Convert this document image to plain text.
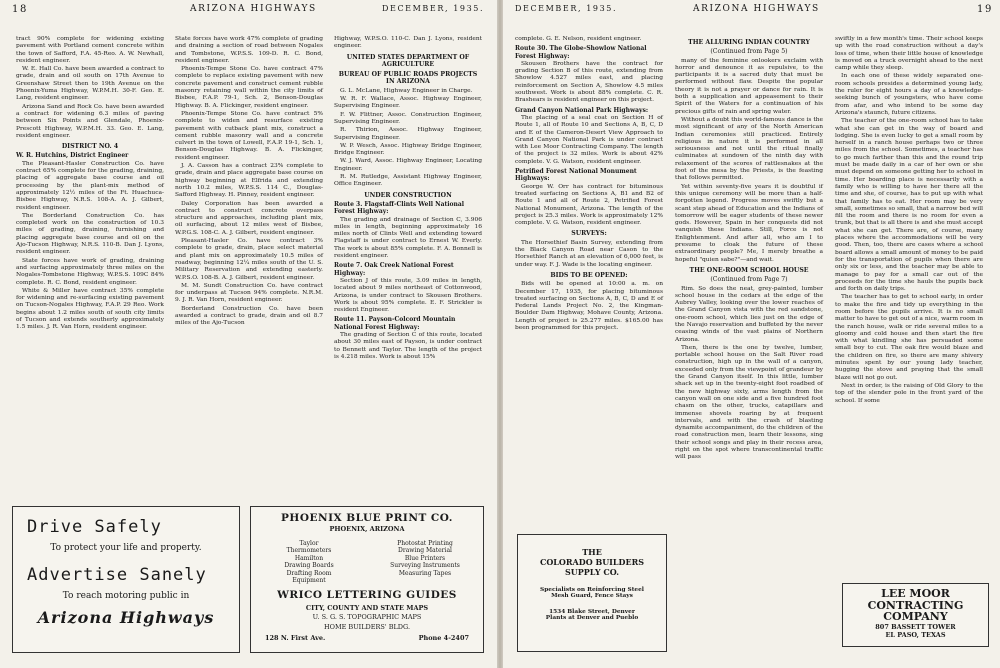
18	ARIZONA HIGHWAYS	DECEMBER, 1935.

tract 90% complete for widening existing pavement with Portland cement concrete within the town of Safford, F.A. 45-Reo. A. W. Newhall, resident engineer.

W. E. Hall Co. have been awarded a contract to grade, drain and oil south on 17th Avenue to Greenshaw Street then to 19th Avenue on the Phoenix-Yuma Highway, W.P.M.H. 30-F. Geo. E. Lang, resident engineer.

Arizona Sand and Rock Co. have been awarded a contract for widening 6.3 miles of paving between Six Points and Glendale, Phoenix-Prescott Highway, W.P.M.H. 33. Geo. E. Lang, resident engineer.

DISTRICT NO. 4
W. R. Hutchins, District Engineer

The Pleasant-Hasler Construction Co. have contract 65% complete for the grading, draining, placing of aggregate base course and oil processing by the plant-mix method of approximately 12½ miles of the Ft. Huachuca-Bisbee Highway, N.R.S. 108-A. A. J. Gilbert, resident engineer.

The Borderland Construction Co. has completed work on the construction of 10.3 miles of grading, draining, furnishing and placing aggregate base course and oil on the Ajo-Tucson Highway, N.R.S. 110-B. Dan J. Lyons, resident engineer.

State forces have work of grading, draining and surfacing approximately three miles on the Nogales-Tombstone Highway, W.P.S.S. 109C 84% complete. R. C. Bond, resident engineer.

White & Miller have contract 35% complete for widening and re-surfacing existing pavement on Tucson-Nogales Highway, F.A.P. 29 Reo. Work begins about 1.2 miles south of south city limits of Tucson and extends southerly approximately 1.5 miles. J. R. Van Horn, resident engineer.

State forces have work 47% complete of grading and draining a section of road between Nogales and Tombstone, W.P.S.S. 109-D. R. C. Bond, resident engineer.

Phoenix-Tempe Stone Co. have contract 47% complete to replace existing pavement with new concrete pavement and construct cement rubble masonry retaining wall within the city limits of Bisbee, F.A.P. 79-1, Sch. 2, Benson-Douglas Highway. B. A. Flickinger, resident engineer.

Phoenix-Tempe Stone Co. have contract 5% complete to widen and resurface existing pavement with cutback plant mix, construct a cement rubble masonry wall and a concrete culvert in the town of Lowell, F.A.P. 19-1, Sch. 1, Benson-Douglas Highway. B. A. Flickinger, resident engineer.

J. A. Casson has a contract 23% complete to grade, drain and place aggregate base course on highway beginning at Elfrida and extending north 10.2 miles, W.P.S.S. 114 C., Douglas-Safford Highway. H. Pinney, resident engineer.

Daley Corporation has been awarded a contract to construct concrete overpass structure and approaches, including plant mix, oil surfacing, about 12 miles west of Bisbee, W.P.G.S. 108-C. A. J. Gilbert, resident engineer.

Pleasant-Hasler Co. have contract 3% complete to grade, drain, place select material and plant mix on approximately 10.5 miles of roadway, beginning 12¼ miles south of the U. S. Military Reservation and extending easterly. W.P.S.O. 108-B. A. J. Gilbert, resident engineer.

M. M. Sundt Construction Co. have contract for underpass at Tucson 94% complete. N.R.M. 9. J. R. Van Horn, resident engineer.

Borderland Construction Co. have been awarded a contract to grade, drain and oil 8.7 miles of the Ajo-Tucson

Highway, W.P.S.O. 110-C. Dan J. Lyons, resident engineer.

UNITED STATES DEPARTMENT OF AGRICULTURE
BUREAU OF PUBLIC ROADS PROJECTS IN ARIZONA

G. L. McLane, Highway Engineer in Charge.

W. R. F. Wallace, Assoc. Highway Engineer, Supervising Engineer.

F. W. Flittner, Assoc. Construction Engineer, Supervising Engineer.

R. Thirion, Assoc. Highway Engineer, Supervising Engineer.

W. P. Wesch, Assoc. Highway Bridge Engineer, Bridge Engineer.

W. J. Ward, Assoc. Highway Engineer, Locating Engineer.

R. M. Rutledge, Assistant Highway Engineer, Office Engineer.

UNDER CONSTRUCTION
Route 3. Flagstaff-Clints Well National Forest Highway:

The grading and drainage of Section C, 3.906 miles in length, beginning approximately 16 miles north of Clints Well and extending toward Flagstaff is under contract to Ernest W. Everly. The work is about 85% complete. F. A. Bonnell is resident engineer.

Route 7. Oak Creek National Forest Highway:

Section J of this route, 3.09 miles in length, located about 9 miles northeast of Cottonwood, Arizona, is under contract to Skousen Brothers. Work is about 95% complete. E. F. Strickler is resident Engineer.

Route 11. Payson-Colcord Mountain National Forest Highway:

The grading of Section C of this route, located about 30 miles east of Payson, is under contract to Bennett and Taylor. The length of the project is 4.218 miles. Work is about 15%

Drive Safely
To protect your life and property.
Advertise Sanely
To reach motoring public in
Arizona Highways
PHOENIX BLUE PRINT CO.
PHOENIX, ARIZONA
Taylor
Thermometers
Hamilton
Drawing Boards
Drafting Room
Equipment
Photostat Printing
Drawing Material
Blue Printers
Surveying Instruments
Measuring Tapes
WRICO LETTERING GUIDES
CITY, COUNTY AND STATE MAPS
U. S. G. S. TOPOGRAPHIC MAPS
HOME BUILDERS' BLDG.
128 N. First Ave.	Phone 4-2407
DECEMBER, 1935.	ARIZONA HIGHWAYS	19

complete. G. E. Nelson, resident engineer.

Route 30. The Globe-Showlow National Forest Highway:

Skousen Brothers have the contract for grading Section B of this route, extending from Showlow 4.527 miles east, and placing reinforcement on Section A, Showlow 4.5 miles southwest. Work is about 88% complete. C. R. Brashears is resident engineer on this project.

Grand Canyon National Park Highways:

The placing of a seal coat on Section H of Route 1, all of Route 10 and Sections A, B, C, D and E of the Cameron-Desert View Approach to Grand Canyon National Park is under contract with Lee Moor Contracting Company. The length of the project is 32 miles. Work is about 42% complete. V. G. Watson, resident engineer.

Petrified Forest National Monument Highways:

George W. Orr has contract for bituminous treated surfacing on Sections A, B1 and B2 of Route 1 and all of Route 2, Petrified Forest National Monument, Arizona. The length of the project is 25.3 miles. Work is approximately 12% complete. V. G. Watson, resident engineer.

SURVEYS:

The Horsethief Basin Survey, extending from the Black Canyon Road near Cason to the Horsethief Ranch at an elevation of 6,000 feet, is under way. F. J. Wade is the locating engineer.

BIDS TO BE OPENED:

Bids will be opened at 10:00 a. m. on December 17, 1935, for placing bituminous treated surfacing on Sections A, B, C, D and E of Federal Lands Project No. 2, the Kingman-Boulder Dam Highway, Mohave County, Arizona. Length of project is 25.277 miles. $165.00 has been programmed for this project.

THE ALLURING INDIAN COUNTRY
(Continued from Page 5)

many of the feminine onlookers exclaim with horror and denounce it as repulsive, to the participants it is a sacred duty that must be performed without flaw. Despite the popular theory it is not a prayer or dance for rain. It is both a supplication and appeasement to their Spirit of the Waters for a continuation of his precious gifts of rain and spring water.

Without a doubt this world-famous dance is the most significant of any of the North American Indian ceremonies still practiced. Entirely religious in nature it is performed in all seriousness and not until the ritual finally culminates at sundown of the ninth day with relaxement of the scores of rattlesnakes at the foot of the mesa by the Priests, is the feasting that follows permitted.

Yet within seventy-five years it is doubtful if this unique ceremony will be more than a half-forgotten legend. Progress moves swiftly but a scant step ahead of Education and the Indians of tomorrow will be eager students of these newer gods. However, Spain in her conquests did not vanquish these Indians. Still, Force is not Enlightenment. And after all, who am I to presume to cloak the future of these extraordinary people? Me, I merely breathe a hopeful "quien sabe?"—and wait.

THE ONE-ROOM SCHOOL HOUSE
(Continued from Page 7)

Rim. So does the neat, grey-painted, lumber school house in the cedars at the edge of the Aubrey Valley, looking over the lower reaches of the Grand Canyon vista with the red sandstone, one-room school, which lies just on the edge of the Navajo reservation and buffeted by the never ceasing winds of the vast plains of Northern Arizona.

Then, there is the one by twelve, lumber, portable school house on the Salt River road construction, high up in the wall of a canyon, exceeded only from the viewpoint of grandeur by the Grand Canyon itself. In this little, lumber shack set up in the twenty-eight foot roadbed of the new highway sixty, arms length from the canyon wall on one side and a five hundred foot chasm on the other, trucks, catapillars and immense shovels roaring by at frequent intervals, and with the crash of blasting dynamite accompaniment, do the children of the road construction men, learn their lessons, sing their school songs and play in their recess area, right on the spot where transcontinental traffic will pass

swiftly in a few month's time. Their school keeps up with the road construction without a day's loss of time, when their little house of knowledge is moved on a truck overnight ahead to the next camp while they sleep.

In each one of these widely separated one-room schools presides a determined young lady, the ruler for eight hours a day of a knowledge-seeking bunch of youngsters, who have come from afar, and who intend to be some day Arizona's staunch, future citizens.

The teacher of the one-room school has to take what she can get in the way of board and lodging. She is even lucky to get a small room by herself in a ranch house perhaps two or three miles from the school. Sometimes, a teacher has to go much farther than this and the round trip must be made daily in a car of her own or she must depend on someone getting her to school in time. Her boarding place is necessarily with a family who is willing to have her there all the time and she, of course, has to put up with what that family has to eat. Her room may be very small, sometimes so small, that a narrow bed will fill the room and there is no room for even a trunk, but that is all there is and she must accept what she can get. There are, of course, many places where the accommodations will be very good. Then, too, there are cases where a school board allows a small amount of money to be paid for the transportation of pupils when there are only six or less, and the teacher may be able to manage to pay for a small car out of the proceeds for the time she hauls the pupils back and forth on daily trips.

The teacher has to get to school early, in order to make the fire and tidy up everything in the room before the pupils arrive. It is no small matter to have to get out of a nice, warm room in the ranch house, walk or ride several miles to a gloomy and cold house and then start the fire with what kindling she has persuaded some small boy to cut. The oak fire would blaze and the children on fire, so there are many shivery minutes spent by our young lady teacher, hugging the stove and praying that the small blaze will not go out.

Next in order, is the raising of Old Glory to the top of the slender pole in the front yard of the school. If some

THE
COLORADO BUILDERS
SUPPLY CO.
Specialists on Reinforcing Steel
Mesh Guard, Fence Stays
1534 Blake Street, Denver
Plants at Denver and Pueblo
LEE MOOR
CONTRACTING
COMPANY
807 BASSETT TOWER
EL PASO, TEXAS
